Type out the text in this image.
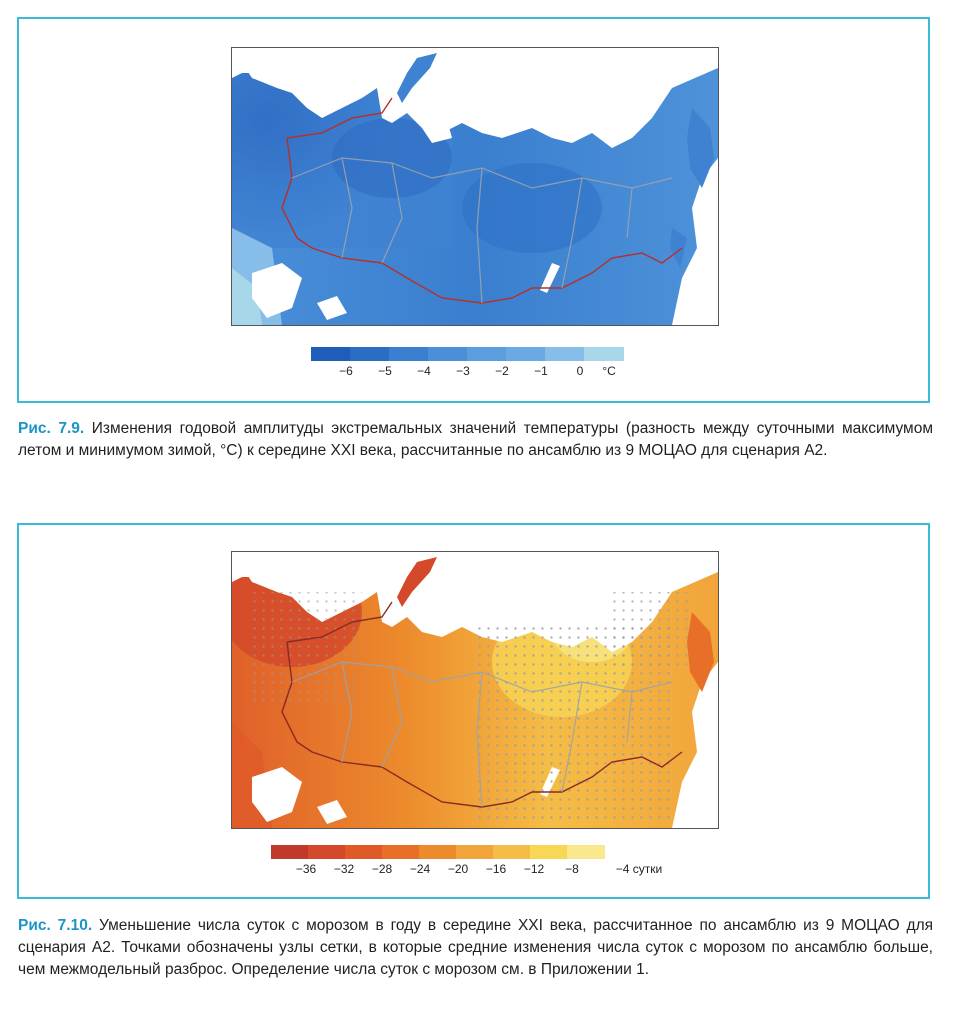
−6 −5 −4 −3 −2 −1 0 °C
Рис. 7.9. Изменения годовой амплитуды экстремальных значений температуры (разность между суточными максимумом летом и минимумом зимой, °C) к середине XXI века, рассчитанные по ансамблю из 9 МОЦАО для сценария А2.
−36 −32 −28 −24 −20 −16 −12 −8	−4 сутки
Рис. 7.10. Уменьшение числа суток с морозом в году в середине XXI века, рассчитанное по ансамблю из 9 МОЦАО для сценария А2. Точками обозначены узлы сетки, в которые средние изменения числа суток с морозом по ансамблю больше, чем межмодельный разброс. Определение числа суток с морозом см. в Приложении 1.
